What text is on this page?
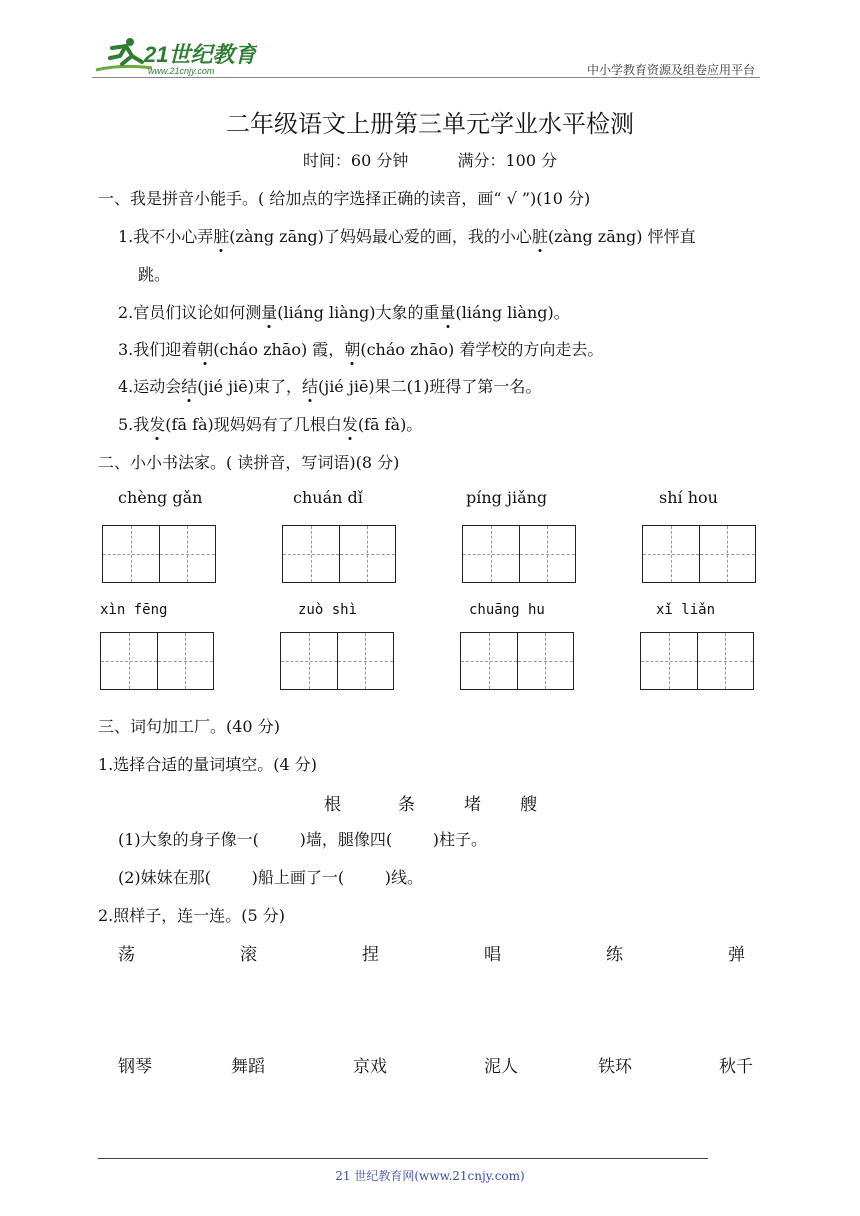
21世纪教育
www.21cnjy.com	中小学教育资源及组卷应用平台
二年级语文上册第三单元学业水平检测
时间：60 分钟	满分：100 分
一、我是拼音小能手。( 给加点的字选择正确的读音，画“ √ ”)(10 分)
1.我不小心弄脏(zàng zāng)了妈妈最心爱的画，我的小心脏(zàng zāng) 怦怦直
跳。
2.官员们议论如何测量(liáng liàng)大象的重量(liáng liàng)。
3.我们迎着朝(cháo zhāo) 霞，朝(cháo zhāo) 着学校的方向走去。
4.运动会结(jié jiē)束了，结(jié jiē)果二(1)班得了第一名。
5.我发(fā fà)现妈妈有了几根白发(fā fà)。
二、小小书法家。( 读拼音，写词语)(8 分)
chèng gǎn	chuán dǐ	píng jiǎng	shí hou
xìn fēng	zuò shì	chuāng hu	xǐ liǎn
三、词句加工厂。(40 分)
1.选择合适的量词填空。(4 分)
根	条	堵 艘
(1)大象的身子像一(        )墙，腿像四(        )柱子。
(2)妹妹在那(        )船上画了一(        )线。
2.照样子，连一连。(5 分)
荡	滚	捏	唱	练	弹
钢琴	舞蹈	京戏	泥人	铁环	秋千
21 世纪教育网(www.21cnjy.com)
